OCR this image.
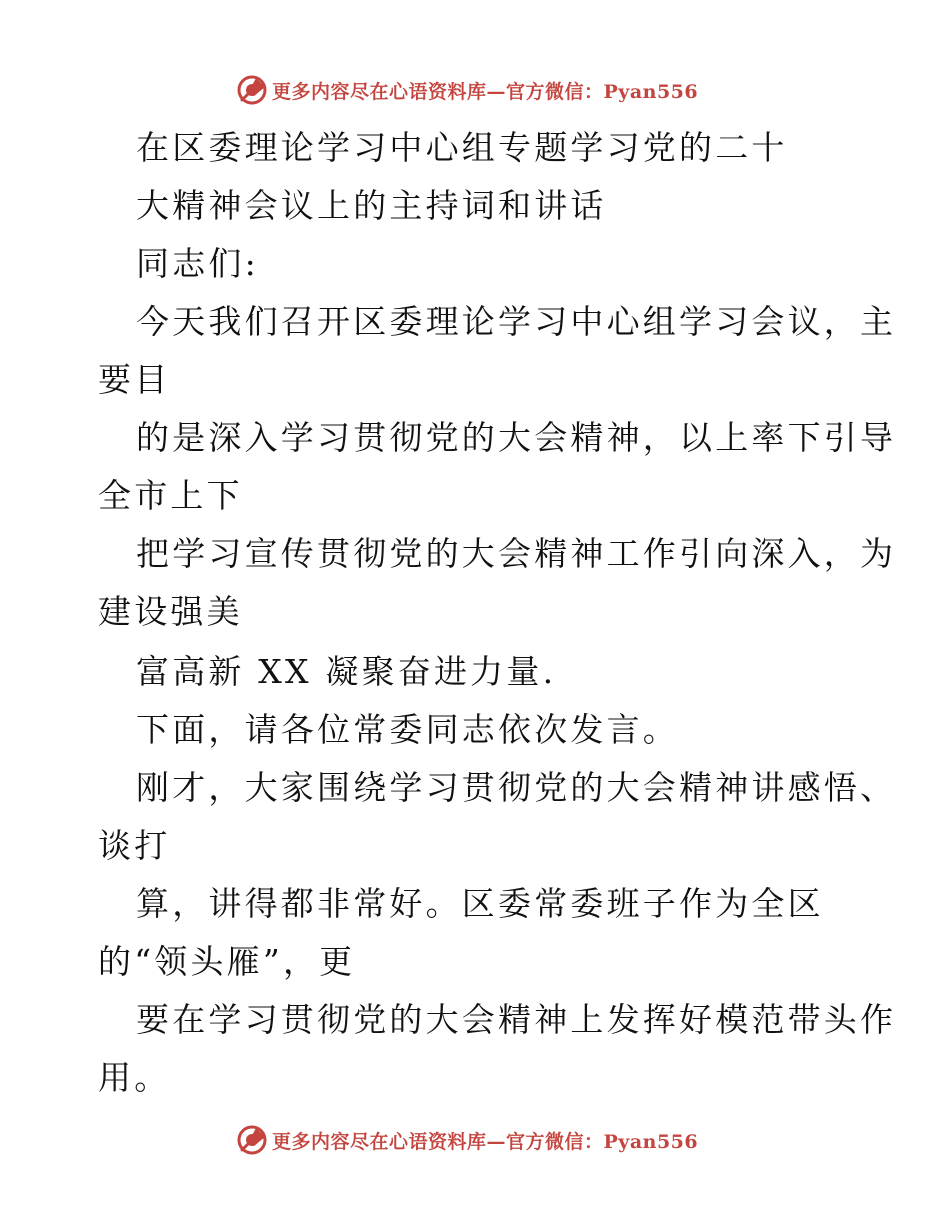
更多内容尽在心语资料库—官方微信：Pyan556
在区委理论学习中心组专题学习党的二十
大精神会议上的主持词和讲话
同志们:
今天我们召开区委理论学习中心组学习会议，主
要目
的是深入学习贯彻党的大会精神，以上率下引导
全市上下
把学习宣传贯彻党的大会精神工作引向深入，为
建设强美
富高新 XX 凝聚奋进力量.
下面，请各位常委同志依次发言。
刚才，大家围绕学习贯彻党的大会精神讲感悟、
谈打
算，讲得都非常好。区委常委班子作为全区
的“领头雁”，更
要在学习贯彻党的大会精神上发挥好模范带头作
用。
更多内容尽在心语资料库—官方微信：Pyan556
